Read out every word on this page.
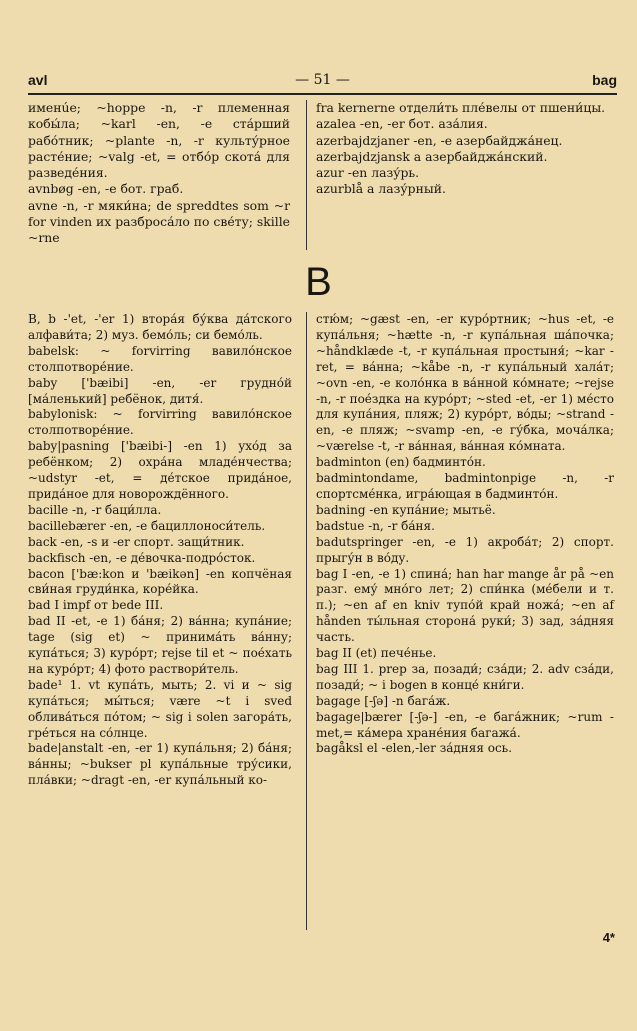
avl	— 51 —	bag

именúе; ~hoppe -n, -r племенная кобы́ла; ~karl -en, -e ста́рший рабо́тник; ~plante -n, -r культу́рное расте́ние; ~valg -et, = отбо́р скота́ для разведе́ния.

avnbøg -en, -e бот. граб.

avne -n, -r мяки́на; de spreddtes som ~r for vinden их разброса́ло по све́ту; skille ~rne

fra kernerne отдели́ть пле́велы от пшени́цы.

azalea -en, -er бот. аза́лия.

azerbajdzjaner -en, -e азербайджа́нец.

azerbajdzjansk a азербайджа́нский.

azur -en лазу́рь.

azurblå a лазу́рный.

B

B, b -'et, -'er 1) втора́я бу́ква да́тского алфави́та; 2) муз. бемо́ль; си бемо́ль.

babelsk: ~ forvirring вавило́нское столпотворе́ние.

baby ['bæibi] -en, -er грудно́й [ма́ленький] ребёнок, дитя́.

babylonisk: ~ forvirring вавило́нское столпотворе́ние.

baby|pasning ['bæibi-] -en 1) ухо́д за ребёнком; 2) охра́на младе́нчества; ~udstyr -et, = де́тское прида́ное, прида́ное для новорождённого.

bacille -n, -r баци́лла.

bacillebærer -en, -e бациллоноси́тель.

back -en, -s и -er спорт. защи́тник.

backfisch -en, -e де́вочка-подро́сток.

bacon ['bæ:kon и 'bæikən] -en копчёная сви́ная груди́нка, коре́йка.

bad I impf от bede III.

bad II -et, -e 1) ба́ня; 2) ва́нна; купа́ние; tage (sig et) ~ принима́ть ва́нну; купа́ться; 3) куро́рт; rejse til et ~ пое́хать на куро́рт; 4) фото раствори́тель.

bade¹ 1. vt купа́ть, мыть; 2. vi и ~ sig купа́ться; мы́ться; være ~t i sved облива́ться по́том; ~ sig i solen загора́ть, гре́ться на со́лнце.

bade|anstalt -en, -er 1) купа́льня; 2) ба́ня; ва́нны; ~bukser pl купа́льные тру́сики, пла́вки; ~dragt -en, -er купа́льный ко-

стю́м; ~gæst -en, -er куро́ртник; ~hus -et, -e купа́льня; ~hætte -n, -r купа́льная ша́почка; ~håndklæde -t, -r купа́льная простыня́; ~kar -ret, = ва́нна; ~kåbe -n, -r купа́льный хала́т; ~ovn -en, -e коло́нка в ва́нной ко́мнате; ~rejse -n, -r пое́здка на куро́рт; ~sted -et, -er 1) ме́сто для купа́ния, пляж; 2) куро́рт, во́ды; ~strand -en, -e пляж; ~svamp -en, -e гу́бка, моча́лка; ~værelse -t, -r ва́нная, ва́нная ко́мната.

badminton (en) бадминто́н.

badmintondame, badmintonpige -n, -r спортсме́нка, игра́ющая в бадминто́н.

badning -en купа́ние; мытьё.

badstue -n, -r ба́ня.

badutspringer -en, -e 1) акроба́т; 2) спорт. прыгу́н в во́ду.

bag I -en, -e 1) спина́; han har mange år på ~en разг. ему́ мно́го лет; 2) спи́нка (ме́бели и т. п.); ~en af en kniv тупо́й край ножа́; ~en af hånden ты́льная сторона́ руки́; 3) зад, за́дняя часть.

bag II (et) пече́нье.

bag III 1. prep за, позади́; сза́ди; 2. adv сза́ди, позади́; ~ i bogen в конце́ кни́ги.

bagage [-ʃə] -n бага́ж.

bagage|bærer [-ʃə-] -en, -e бага́жник; ~rum -met,= ка́мера хране́ния багажа́.

bagåksl el -elen,-ler за́дняя ось.

4*
